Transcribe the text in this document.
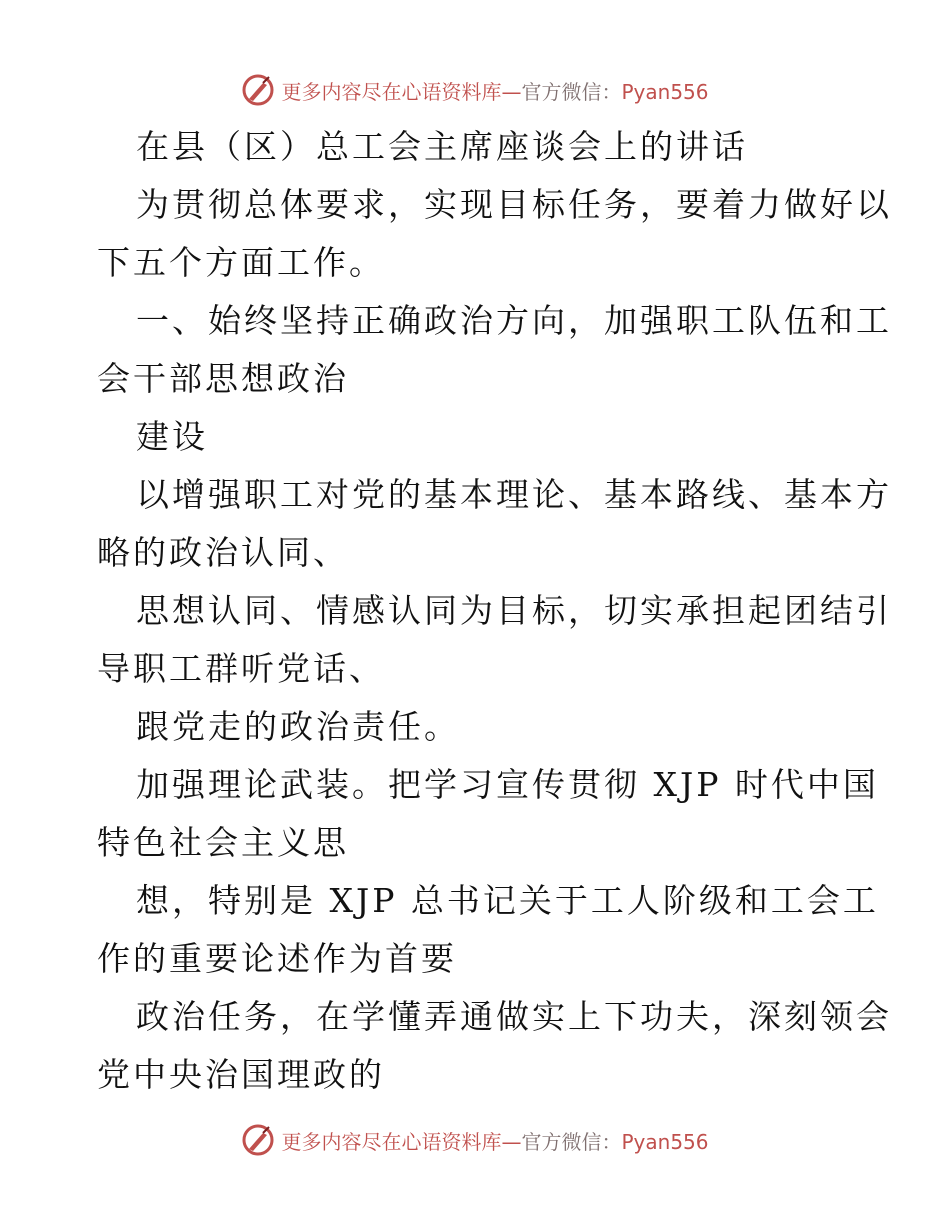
更多内容尽在心语资料库—官方微信：Pyan556
在县（区）总工会主席座谈会上的讲话
为贯彻总体要求，实现目标任务，要着力做好以
下五个方面工作。
一、始终坚持正确政治方向，加强职工队伍和工
会干部思想政治
建设
以增强职工对党的基本理论、基本路线、基本方
略的政治认同、
思想认同、情感认同为目标，切实承担起团结引
导职工群听党话、
跟党走的政治责任。
加强理论武装。把学习宣传贯彻 XJP 时代中国
特色社会主义思
想，特别是 XJP 总书记关于工人阶级和工会工
作的重要论述作为首要
政治任务，在学懂弄通做实上下功夫，深刻领会
党中央治国理政的
更多内容尽在心语资料库—官方微信：Pyan556
